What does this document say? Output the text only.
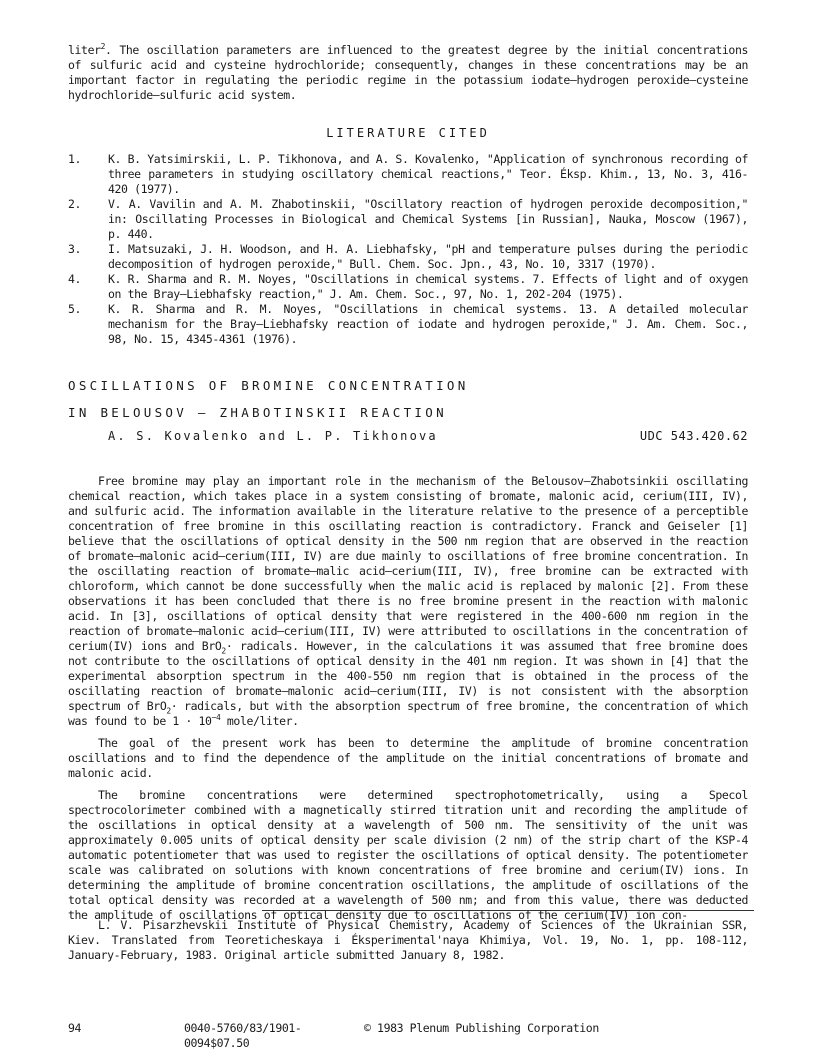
liter$^2$. The oscillation parameters are influenced to the greatest degree by the initial concentrations of sulfuric acid and cysteine hydrochloride; consequently, changes in these concentrations may be an important factor in regulating the periodic regime in the potassium iodate–hydrogen peroxide–cysteine hydrochloride–sulfuric acid system.

LITERATURE CITED
1.	K. B. Yatsimirskii, L. P. Tikhonova, and A. S. Kovalenko, "Application of synchronous recording of three parameters in studying oscillatory chemical reactions," Teor. Éksp. Khim., 13, No. 3, 416-420 (1977).
2.	V. A. Vavilin and A. M. Zhabotinskii, "Oscillatory reaction of hydrogen peroxide decomposition," in: Oscillating Processes in Biological and Chemical Systems [in Russian], Nauka, Moscow (1967), p. 440.
3.	I. Matsuzaki, J. H. Woodson, and H. A. Liebhafsky, "pH and temperature pulses during the periodic decomposition of hydrogen peroxide," Bull. Chem. Soc. Jpn., 43, No. 10, 3317 (1970).
4.	K. R. Sharma and R. M. Noyes, "Oscillations in chemical systems. 7. Effects of light and of oxygen on the Bray–Liebhafsky reaction," J. Am. Chem. Soc., 97, No. 1, 202-204 (1975).
5.	K. R. Sharma and R. M. Noyes, "Oscillations in chemical systems. 13. A detailed molecular mechanism for the Bray–Liebhafsky reaction of iodate and hydrogen peroxide," J. Am. Chem. Soc., 98, No. 15, 4345-4361 (1976).
OSCILLATIONS OF BROMINE CONCENTRATION
IN BELOUSOV – ZHABOTINSKII REACTION
A. S. Kovalenko and L. P. Tikhonova	UDC 543.420.62

Free bromine may play an important role in the mechanism of the Belousov–Zhabotsinkii oscillating chemical reaction, which takes place in a system consisting of bromate, malonic acid, cerium(III, IV), and sulfuric acid. The information available in the literature relative to the presence of a perceptible concentration of free bromine in this oscillating reaction is contradictory. Franck and Geiseler [1] believe that the oscillations of optical density in the 500 nm region that are observed in the reaction of bromate–malonic acid–cerium(III, IV) are due mainly to oscillations of free bromine concentration. In the oscillating reaction of bromate–malic acid–cerium(III, IV), free bromine can be extracted with chloroform, which cannot be done successfully when the malic acid is replaced by malonic [2]. From these observations it has been concluded that there is no free bromine present in the reaction with malonic acid. In [3], oscillations of optical density that were registered in the 400-600 nm region in the reaction of bromate–malonic acid–cerium(III, IV) were attributed to oscillations in the concentration of cerium(IV) ions and BrO$_2$· radicals. However, in the calculations it was assumed that free bromine does not contribute to the oscillations of optical density in the 401 nm region. It was shown in [4] that the experimental absorption spectrum in the 400-550 nm region that is obtained in the process of the oscillating reaction of bromate–malonic acid–cerium(III, IV) is not consistent with the absorption spectrum of BrO$_2$· radicals, but with the absorption spectrum of free bromine, the concentration of which was found to be $1 \cdot 10^{-4}$ mole/liter.

The goal of the present work has been to determine the amplitude of bromine concentration oscillations and to find the dependence of the amplitude on the initial concentrations of bromate and malonic acid.

The bromine concentrations were determined spectrophotometrically, using a Specol spectrocolorimeter combined with a magnetically stirred titration unit and recording the amplitude of the oscillations in optical density at a wavelength of 500 nm. The sensitivity of the unit was approximately 0.005 units of optical density per scale division (2 nm) of the strip chart of the KSP-4 automatic potentiometer that was used to register the oscillations of optical density. The potentiometer scale was calibrated on solutions with known concentrations of free bromine and cerium(IV) ions. In determining the amplitude of bromine concentration oscillations, the amplitude of oscillations of the total optical density was recorded at a wavelength of 500 nm; and from this value, there was deducted the amplitude of oscillations of optical density due to oscillations of the cerium(IV) ion con-

L. V. Pisarzhevskii Institute of Physical Chemistry, Academy of Sciences of the Ukrainian SSR, Kiev. Translated from Teoreticheskaya i Éksperimental'naya Khimiya, Vol. 19, No. 1, pp. 108-112, January-February, 1983. Original article submitted January 8, 1982.

94	0040-5760/83/1901-0094$07.50
© 1983 Plenum Publishing Corporation
